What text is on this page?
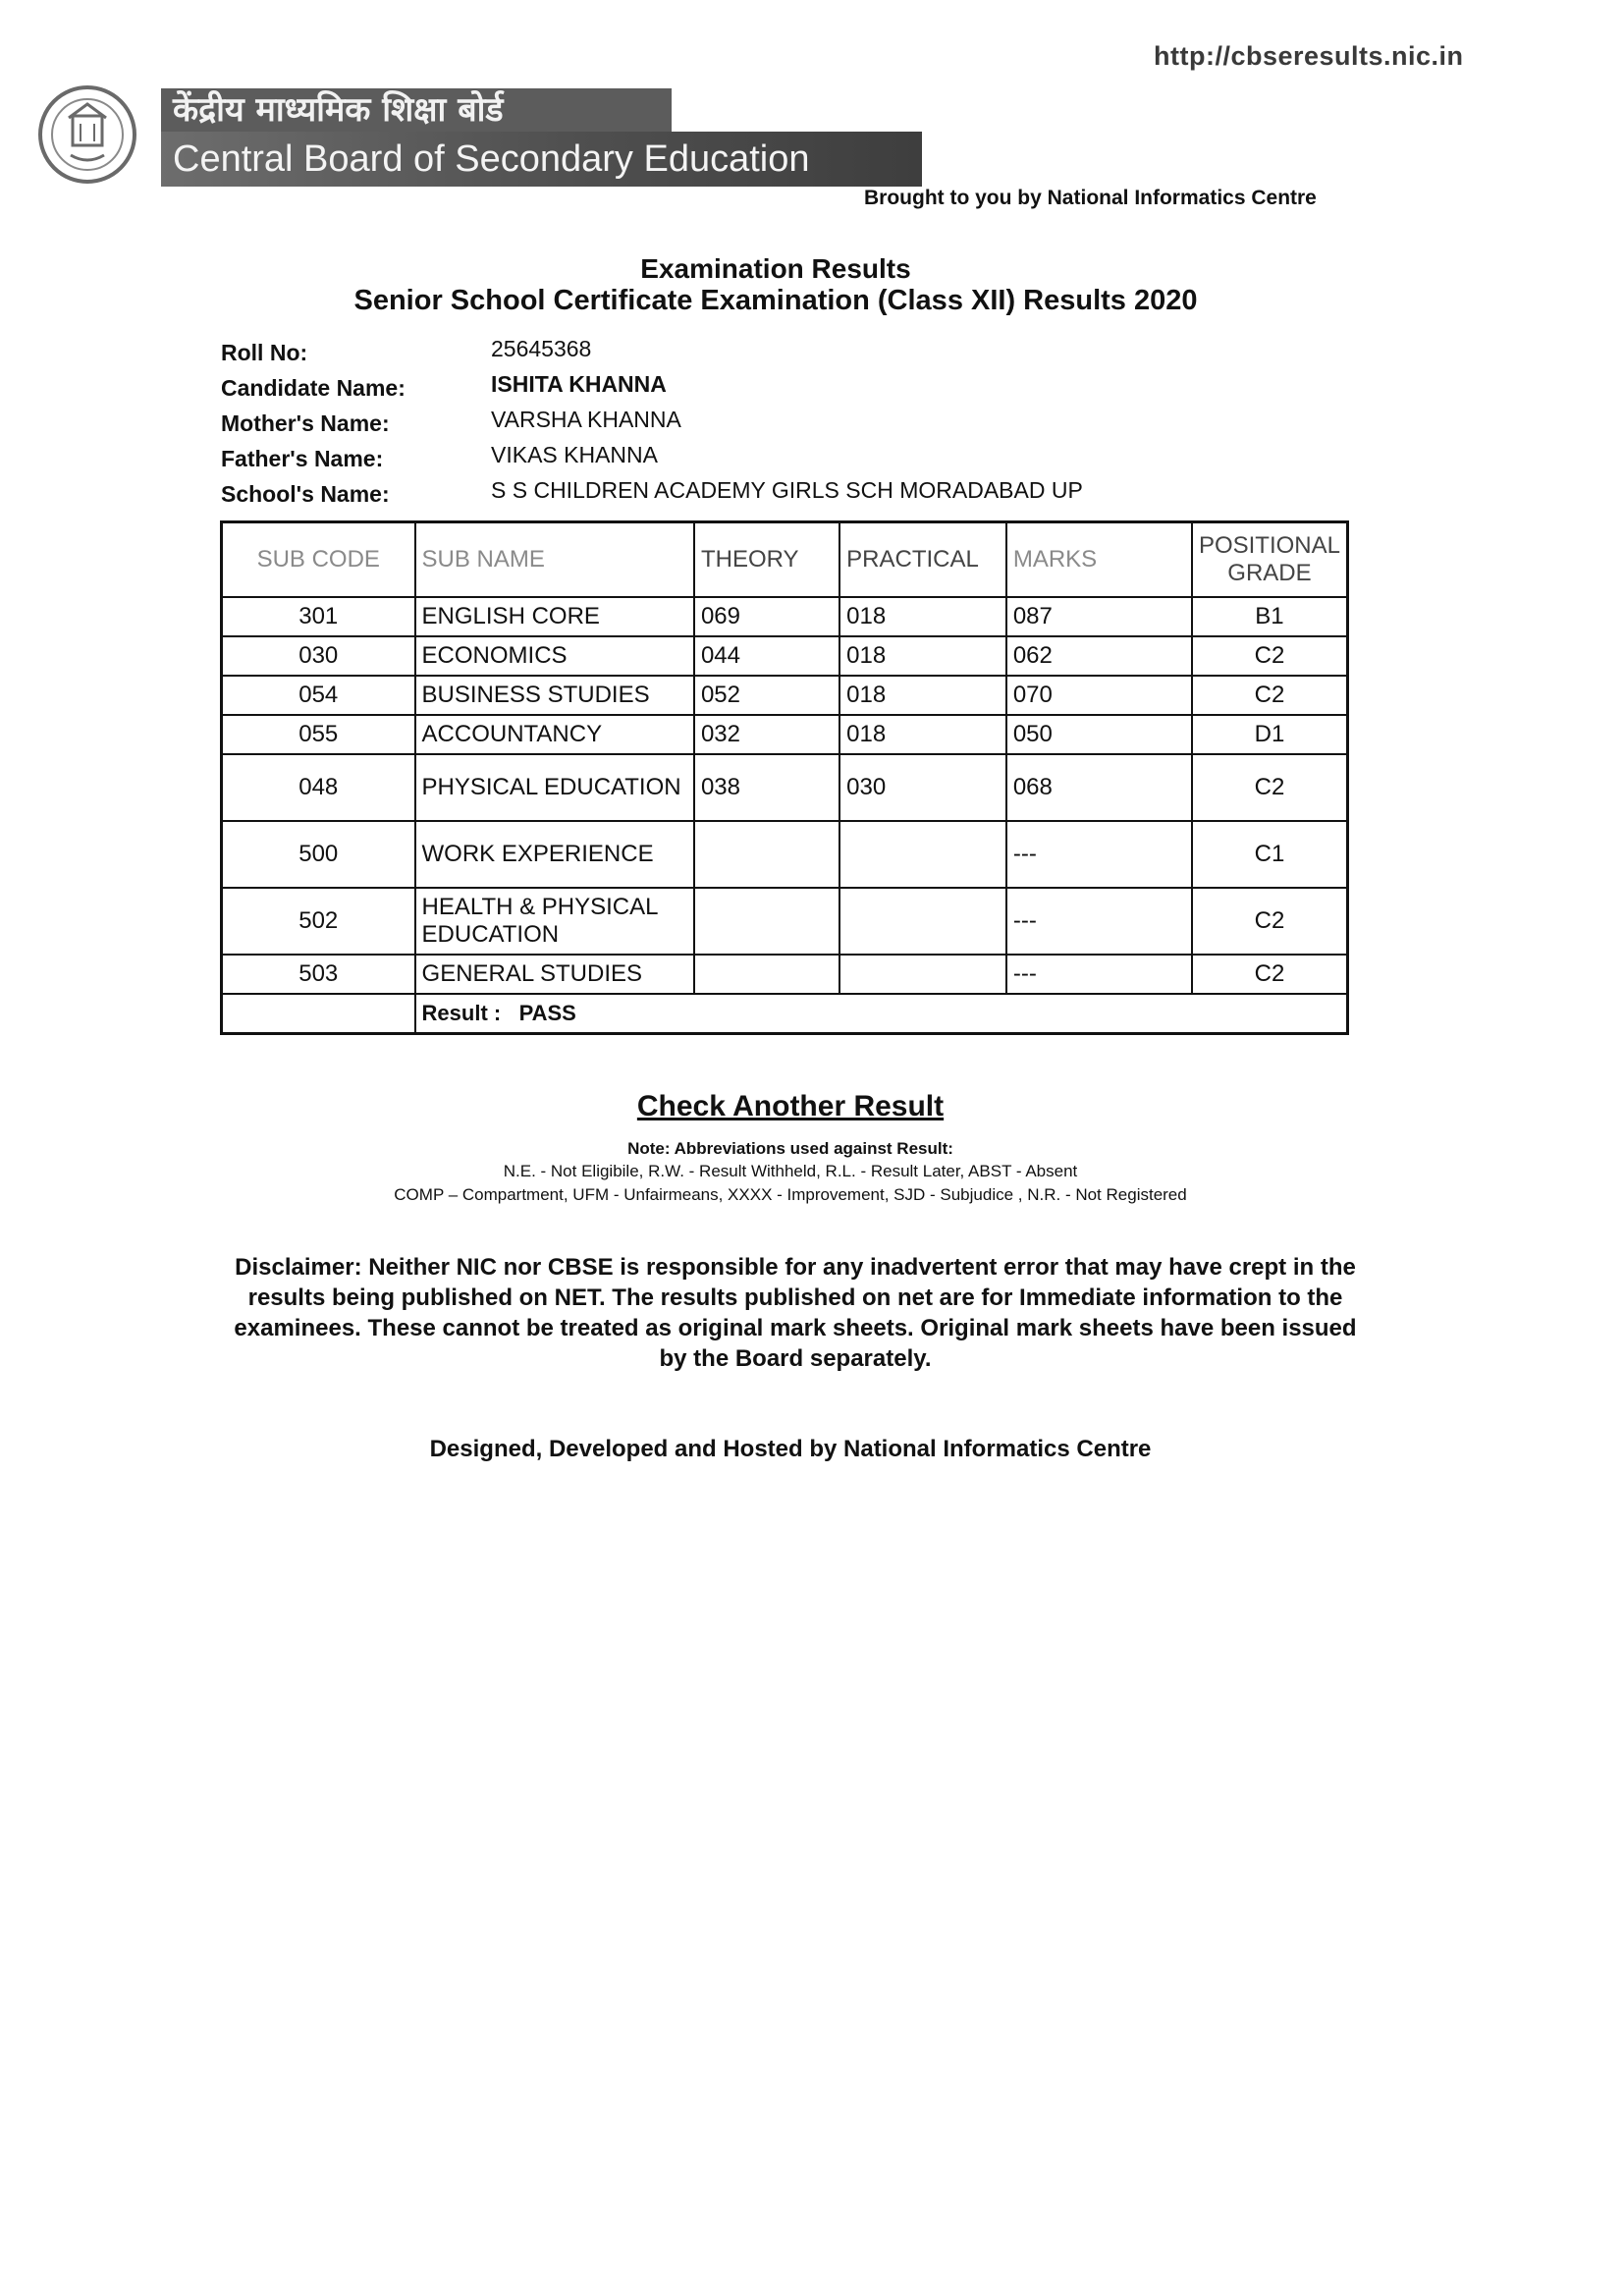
http://cbseresults.nic.in
केंद्रीय माध्यमिक शिक्षा बोर्ड
Central Board of Secondary Education
Brought to you by National Informatics Centre
Examination Results
Senior School Certificate Examination (Class XII) Results 2020
Roll No:	25645368
Candidate Name:	ISHITA KHANNA
Mother's Name:	VARSHA KHANNA
Father's Name:	VIKAS KHANNA
School's Name:	S S CHILDREN ACADEMY GIRLS SCH MORADABAD UP
SUB CODE	SUB NAME	THEORY	PRACTICAL	MARKS	POSITIONAL
GRADE
301	ENGLISH CORE	069	018	087	B1
030	ECONOMICS	044	018	062	C2
054	BUSINESS STUDIES	052	018	070	C2
055	ACCOUNTANCY	032	018	050	D1
048	PHYSICAL EDUCATION	038	030	068	C2
500	WORK EXPERIENCE			---	C1
502	HEALTH & PHYSICAL EDUCATION			---	C2
503	GENERAL STUDIES			---	C2
	Result : PASS				
Check Another Result
Note: Abbreviations used against Result:
N.E. - Not Eligibile, R.W. - Result Withheld, R.L. - Result Later, ABST - Absent
COMP – Compartment, UFM - Unfairmeans, XXXX - Improvement, SJD - Subjudice , N.R. - Not Registered
Disclaimer: Neither NIC nor CBSE is responsible for any inadvertent error that may have crept in the results being published on NET. The results published on net are for Immediate information to the examinees. These cannot be treated as original mark sheets. Original mark sheets have been issued by the Board separately.
Designed, Developed and Hosted by National Informatics Centre
